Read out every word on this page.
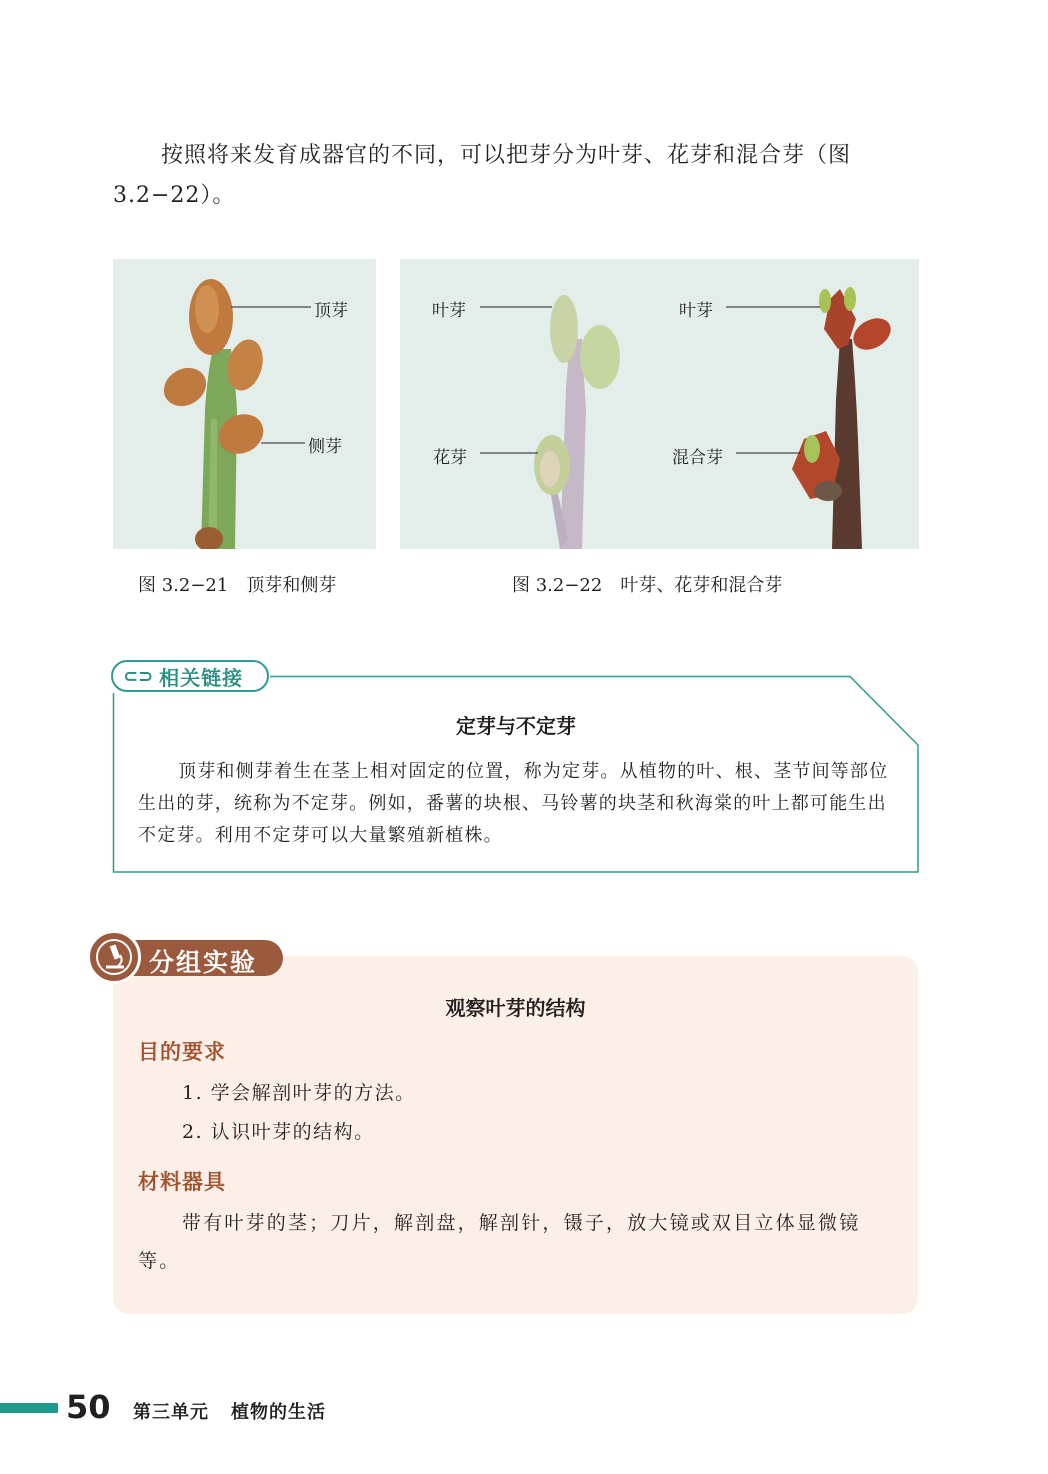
按照将来发育成器官的不同，可以把芽分为叶芽、花芽和混合芽（图3.2−22）。
顶芽
侧芽
叶芽
花芽
叶芽
混合芽
图 3.2−21　顶芽和侧芽	图 3.2−22　叶芽、花芽和混合芽
⊂⊃ 相关链接
定芽与不定芽
顶芽和侧芽着生在茎上相对固定的位置，称为定芽。从植物的叶、根、茎节间等部位生出的芽，统称为不定芽。例如，番薯的块根、马铃薯的块茎和秋海棠的叶上都可能生出不定芽。利用不定芽可以大量繁殖新植株。
分组实验
观察叶芽的结构
目的要求
1. 学会解剖叶芽的方法。
2. 认识叶芽的结构。
材料器具
带有叶芽的茎；刀片，解剖盘，解剖针，镊子，放大镜或双目立体显微镜等。
50 第三单元 植物的生活
